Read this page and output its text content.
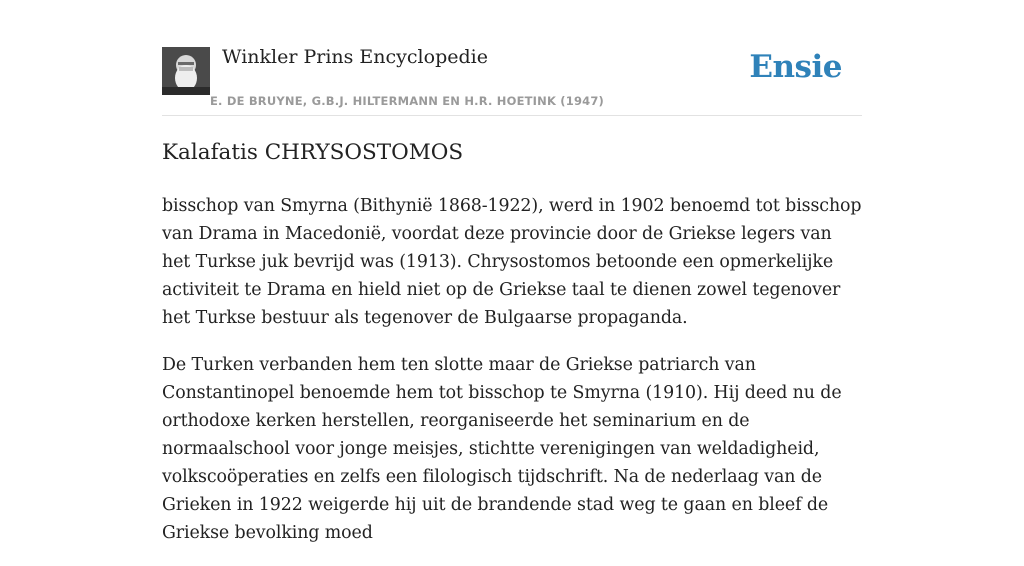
Winkler Prins Encyclopedie
E. DE BRUYNE, G.B.J. HILTERMANN EN H.R. HOETINK (1947)
Ensie
Kalafatis CHRYSOSTOMOS

bisschop van Smyrna (Bithynië 1868-1922), werd in 1902 benoemd tot bisschop van Drama in Macedonië, voordat deze provincie door de Griekse legers van het Turkse juk bevrijd was (1913). Chrysostomos betoonde een opmerkelijke activiteit te Drama en hield niet op de Griekse taal te dienen zowel tegenover het Turkse bestuur als tegenover de Bulgaarse propaganda.

De Turken verbanden hem ten slotte maar de Griekse patriarch van Constantinopel benoemde hem tot bisschop te Smyrna (1910). Hij deed nu de orthodoxe kerken herstellen, reorganiseerde het seminarium en de normaalschool voor jonge meisjes, stichtte verenigingen van weldadigheid, volkscoöperaties en zelfs een filologisch tijdschrift. Na de nederlaag van de Grieken in 1922 weigerde hij uit de brandende stad weg te gaan en bleef de Griekse bevolking moed
